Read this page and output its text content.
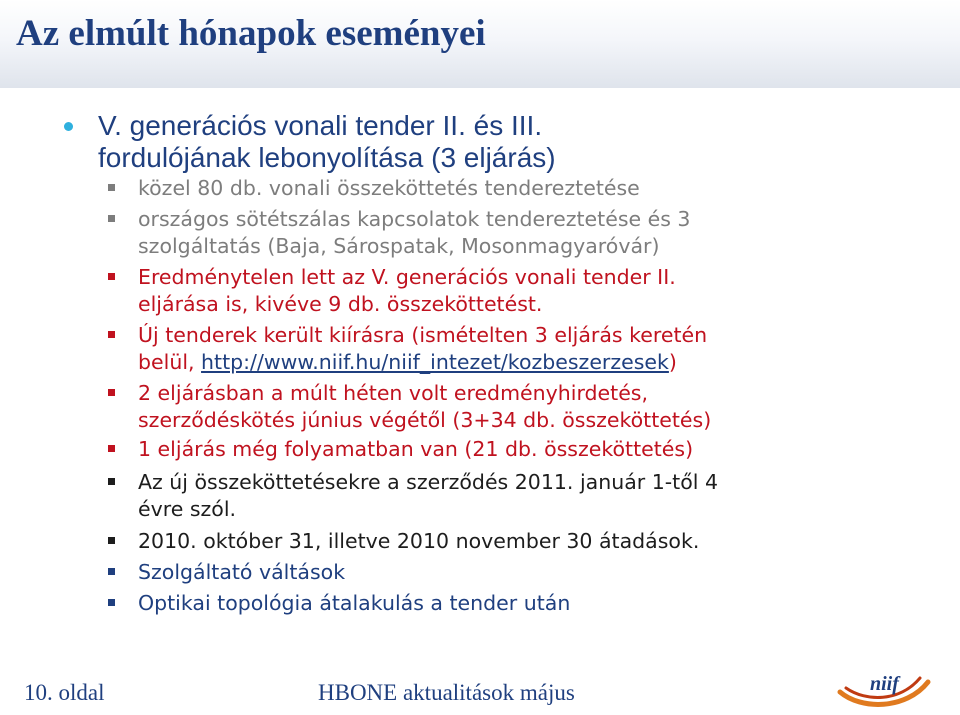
Az elmúlt hónapok eseményei
V. generációs vonali tender II. és III.
fordulójának lebonyolítása (3 eljárás)
közel 80 db. vonali összeköttetés tendereztetése
országos sötétszálas kapcsolatok tendereztetése és 3
szolgáltatás (Baja, Sárospatak, Mosonmagyaróvár)
Eredménytelen lett az V. generációs vonali tender II.
eljárása is, kivéve 9 db. összeköttetést.
Új tenderek került kiírásra (ismételten 3 eljárás keretén
belül, http://www.niif.hu/niif_intezet/kozbeszerzesek)
2 eljárásban a múlt héten volt eredményhirdetés,
szerződéskötés június végétől (3+34 db. összeköttetés)
1 eljárás még folyamatban van (21 db. összeköttetés)
Az új összeköttetésekre a szerződés 2011. január 1-től 4
évre szól.
2010. október 31, illetve 2010 november 30 átadások.
Szolgáltató váltások
Optikai topológia átalakulás a tender után
10. oldal	HBONE aktualitások május	niif
